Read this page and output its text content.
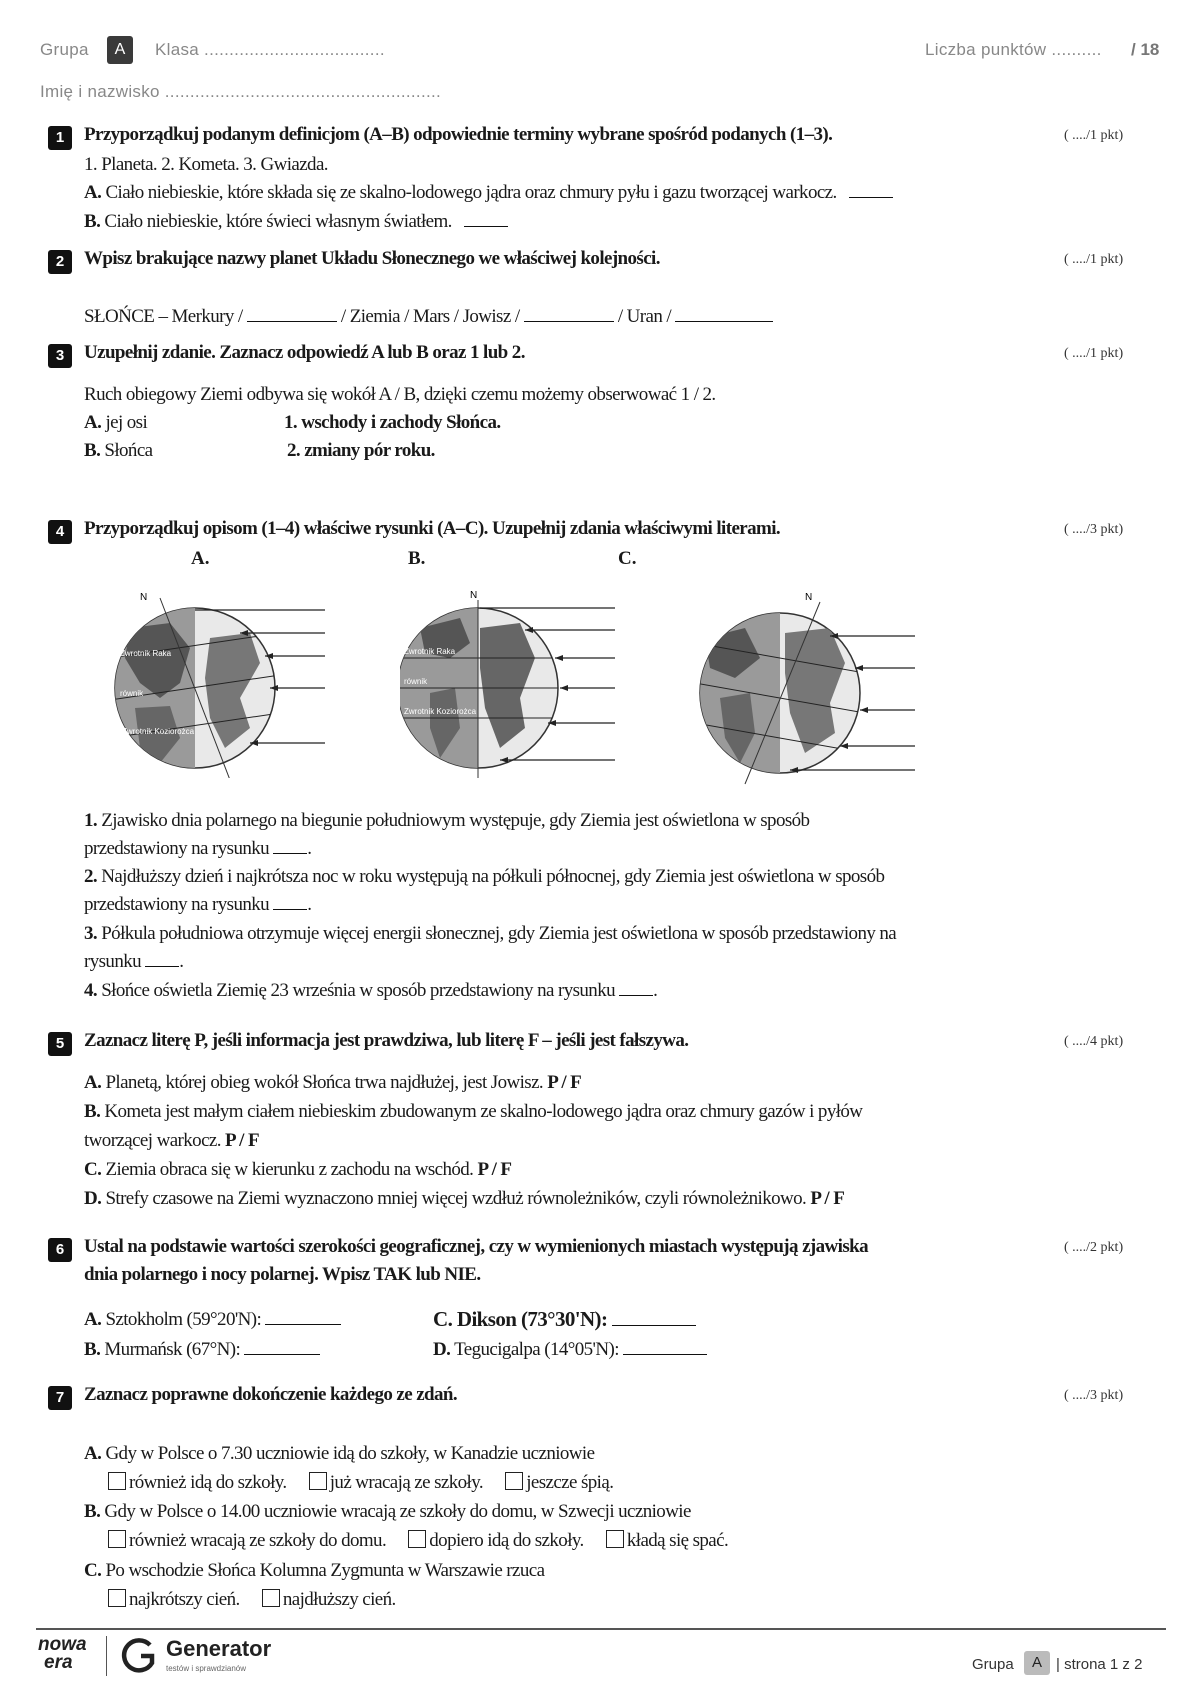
Grupa	A	Klasa ....................................	Liczba punktów .......... / 18
Imię i nazwisko .......................................................
1	Przyporządkuj podanym definicjom (A–B) odpowiednie terminy wybrane spośród podanych (1–3).	( ..../1 pkt)
1. Planeta. 2. Kometa. 3. Gwiazda.
A. Ciało niebieskie, które składa się ze skalno-lodowego jądra oraz chmury pyłu i gazu tworzącej warkocz.
B. Ciało niebieskie, które świeci własnym światłem.
2	Wpisz brakujące nazwy planet Układu Słonecznego we właściwej kolejności.	( ..../1 pkt)
SŁOŃCE – Merkury /	/ Ziemia / Mars / Jowisz /	/ Uran /
3	Uzupełnij zdanie. Zaznacz odpowiedź A lub B oraz 1 lub 2.	( ..../1 pkt)
Ruch obiegowy Ziemi odbywa się wokół A / B, dzięki czemu możemy obserwować 1 / 2.
A. jej osi
B. Słońca
1. wschody i zachody Słońca.
2. zmiany pór roku.
4	Przyporządkuj opisom (1–4) właściwe rysunki (A–C). Uzupełnij zdania właściwymi literami.	( ..../3 pkt)
A.	B.	C.
N
Zwrotnik Raka
równik
Zwrotnik Koziorożca
N
Zwrotnik Raka
równik
Zwrotnik Koziorożca
N
1. Zjawisko dnia polarnego na biegunie południowym występuje, gdy Ziemia jest oświetlona w sposób
przedstawiony na rysunku .
2. Najdłuższy dzień i najkrótsza noc w roku występują na półkuli północnej, gdy Ziemia jest oświetlona w sposób
przedstawiony na rysunku .
3. Półkula południowa otrzymuje więcej energii słonecznej, gdy Ziemia jest oświetlona w sposób przedstawiony na
rysunku .
4. Słońce oświetla Ziemię 23 września w sposób przedstawiony na rysunku .
5	Zaznacz literę P, jeśli informacja jest prawdziwa, lub literę F – jeśli jest fałszywa.	( ..../4 pkt)
A. Planetą, której obieg wokół Słońca trwa najdłużej, jest Jowisz. P / F
B. Kometa jest małym ciałem niebieskim zbudowanym ze skalno-lodowego jądra oraz chmury gazów i pyłów
tworzącej warkocz. P / F
C. Ziemia obraca się w kierunku z zachodu na wschód. P / F
D. Strefy czasowe na Ziemi wyznaczono mniej więcej wzdłuż równoleżników, czyli równoleżnikowo. P / F
6	Ustal na podstawie wartości szerokości geograficznej, czy w wymienionych miastach występują zjawiska
dnia polarnego i nocy polarnej. Wpisz TAK lub NIE.
( ..../2 pkt)
A. Sztokholm (59°20'N):
B. Murmańsk (67°N):
C. Dikson (73°30'N):
D. Tegucigalpa (14°05'N):
7	Zaznacz poprawne dokończenie każdego ze zdań.	( ..../3 pkt)
A. Gdy w Polsce o 7.30 uczniowie idą do szkoły, w Kanadzie uczniowie
również idą do szkoły. już wracają ze szkoły. jeszcze śpią.
B. Gdy w Polsce o 14.00 uczniowie wracają ze szkoły do domu, w Szwecji uczniowie
również wracają ze szkoły do domu. dopiero idą do szkoły. kładą się spać.
C. Po wschodzie Słońca Kolumna Zygmunta w Warszawie rzuca
najkrótszy cień. najdłuższy cień.
nowa
era
Generator
testów i sprawdzianów	Grupa	A | strona 1 z 2
